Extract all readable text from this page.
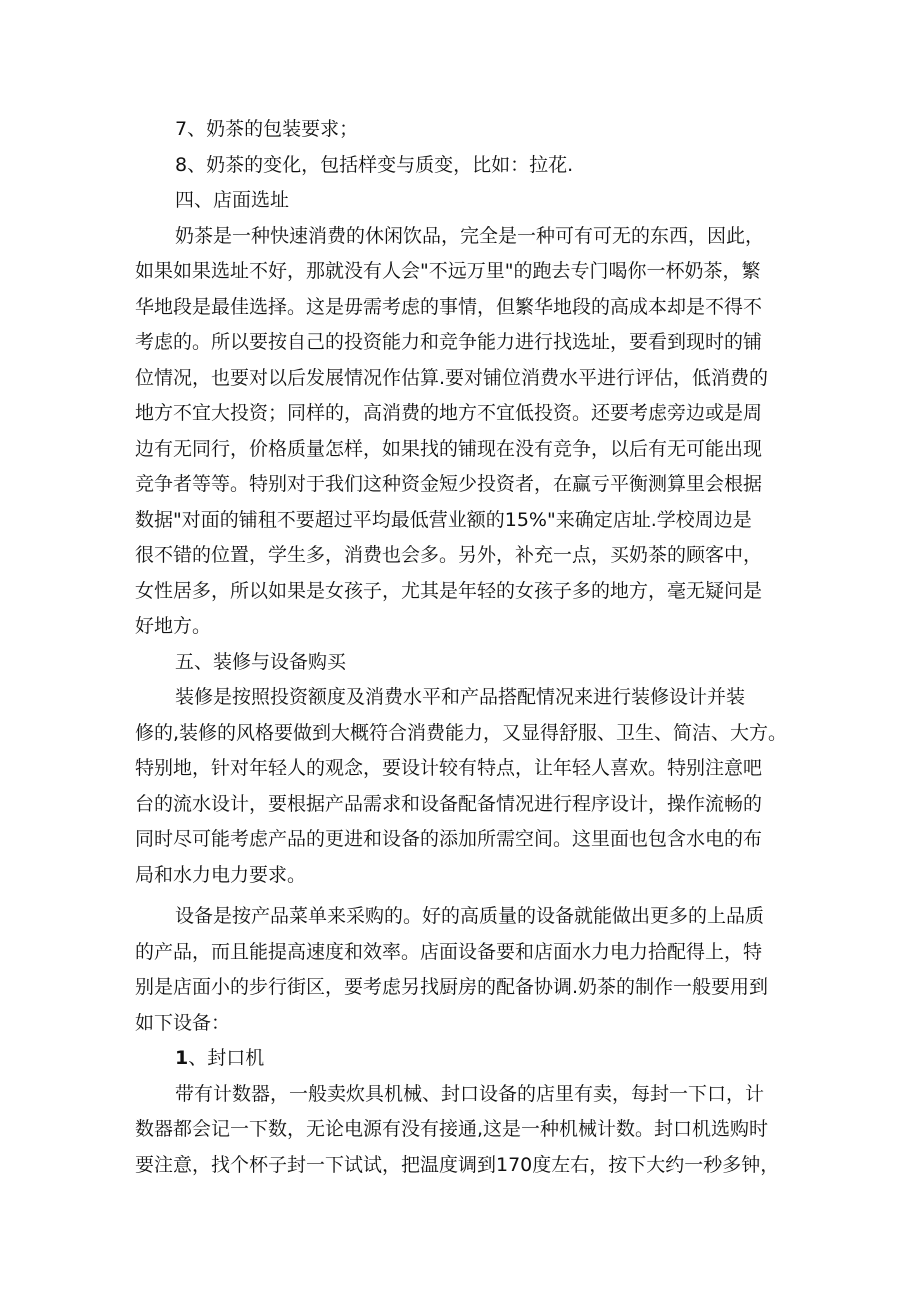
7、奶茶的包装要求；
8、奶茶的变化，包括样变与质变，比如：拉花.
四、店面选址
奶茶是一种快速消费的休闲饮品，完全是一种可有可无的东西，因此，
如果如果选址不好，那就没有人会"不远万里"的跑去专门喝你一杯奶茶，繁
华地段是最佳选择。这是毋需考虑的事情，但繁华地段的高成本却是不得不
考虑的。所以要按自己的投资能力和竞争能力进行找选址，要看到现时的铺
位情况，也要对以后发展情况作估算.要对铺位消费水平进行评估，低消费的
地方不宜大投资；同样的，高消费的地方不宜低投资。还要考虑旁边或是周
边有无同行，价格质量怎样，如果找的铺现在没有竞争，以后有无可能出现
竞争者等等。特别对于我们这种资金短少投资者，在赢亏平衡测算里会根据
数据"对面的铺租不要超过平均最低营业额的15%"来确定店址.学校周边是
很不错的位置，学生多，消费也会多。另外，补充一点，买奶茶的顾客中，
女性居多，所以如果是女孩子，尤其是年轻的女孩子多的地方，毫无疑问是
好地方。
五、装修与设备购买
装修是按照投资额度及消费水平和产品搭配情况来进行装修设计并装
修的,装修的风格要做到大概符合消费能力，又显得舒服、卫生、简洁、大方。
特别地，针对年轻人的观念，要设计较有特点，让年轻人喜欢。特别注意吧
台的流水设计，要根据产品需求和设备配备情况进行程序设计，操作流畅的
同时尽可能考虑产品的更进和设备的添加所需空间。这里面也包含水电的布
局和水力电力要求。
设备是按产品菜单来采购的。好的高质量的设备就能做出更多的上品质
的产品，而且能提高速度和效率。店面设备要和店面水力电力拾配得上，特
别是店面小的步行街区，要考虑另找厨房的配备协调.奶茶的制作一般要用到
如下设备：
1、封口机
带有计数器，一般卖炊具机械、封口设备的店里有卖，每封一下口，计
数器都会记一下数，无论电源有没有接通,这是一种机械计数。封口机选购时
要注意，找个杯子封一下试试，把温度调到170度左右，按下大约一秒多钟，
